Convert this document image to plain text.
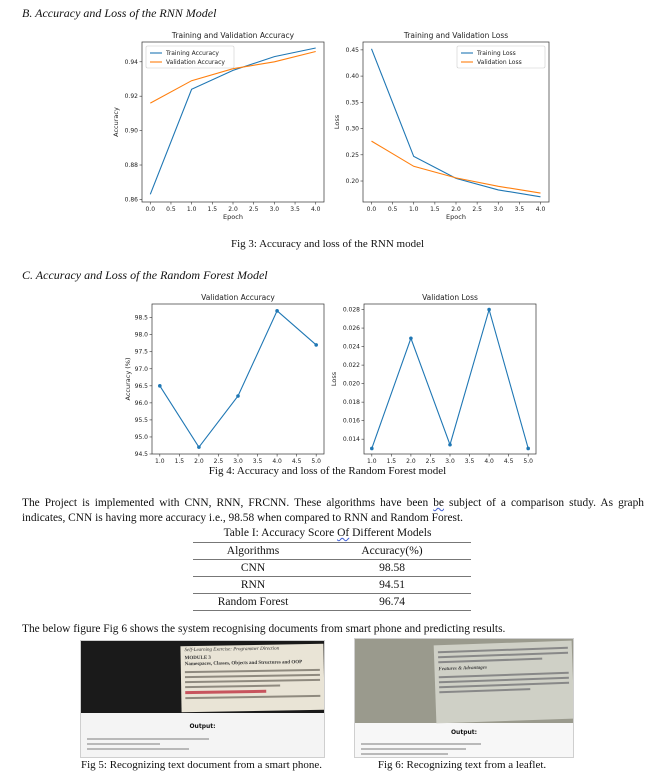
B. Accuracy and Loss of the RNN Model
Training and Validation Accuracy
0.0 0.5 1.0 1.5 2.0 2.5 3.0 3.5 4.0
0.86
0.88
0.90
0.92
0.94
Epoch
Accuracy
Training Accuracy
Validation Accuracy
Training and Validation Loss
0.0 0.5 1.0 1.5 2.0 2.5 3.0 3.5 4.0
0.20
0.25
0.30
0.35
0.40
0.45
Epoch
Loss
Training Loss
Validation Loss
Fig 3: Accuracy and loss of the RNN model
C. Accuracy and Loss of the Random Forest Model
Validation Accuracy
1.0 1.5 2.0 2.5 3.0 3.5 4.0 4.5 5.0
94.5
95.0
95.5
96.0
96.5
97.0
97.5
98.0
98.5
Accuracy (%)
Validation Loss
1.0 1.5 2.0 2.5 3.0 3.5 4.0 4.5 5.0
0.014
0.016
0.018
0.020
0.022
0.024
0.026
0.028
Loss
Fig 4: Accuracy and loss of the Random Forest model
The Project is implemented with CNN, RNN, FRCNN. These algorithms have been be subject of a comparison study. As graph indicates, CNN is having more accuracy i.e., 98.58 when compared to RNN and Random Forest.
Table I: Accuracy Score Of Different Models
Algorithms	Accuracy(%)
CNN	98.58
RNN	94.51
Random Forest	96.74
The below figure Fig 6 shows the system recognising documents from smart phone and predicting results.
Self-Learning Exercise: Programmer Direction
MODULE 3
Namespaces, Classes, Objects and Structures and OOP
Output:
Fig 5: Recognizing text document from a smart phone.
Features & Advantages
Output:
Fig 6: Recognizing text from a leaflet.
